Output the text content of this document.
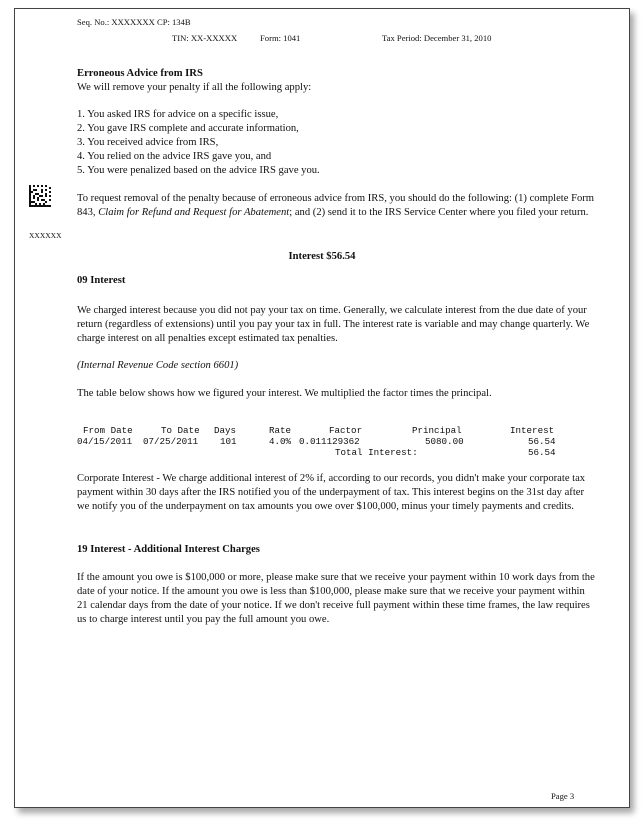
Seq. No.: XXXXXXX CP: 134B
TIN: XX-XXXXX	Form: 1041	Tax Period: December 31, 2010
Erroneous Advice from IRS
We will remove your penalty if all the following apply:
1. You asked IRS for advice on a specific issue,
2. You gave IRS complete and accurate information,
3. You received advice from IRS,
4. You relied on the advice IRS gave you, and
5. You were penalized based on the advice IRS gave you.
XXXXXX
To request removal of the penalty because of erroneous advice from IRS, you should do the following: (1) complete Form 843, Claim for Refund and Request for Abatement; and (2) send it to the IRS Service Center where you filed your return.
Interest $56.54
09 Interest
We charged interest because you did not pay your tax on time. Generally, we calculate interest from the due date of your return (regardless of extensions) until you pay your tax in full. The interest rate is variable and may change quarterly. We charge interest on all penalties except estimated tax penalties.
(Internal Revenue Code section 6601)
The table below shows how we figured your interest. We multiplied the factor times the principal.
From Date	To Date Days	Rate	Factor	Principal	Interest
04/15/2011 07/25/2011 101	4.0% 0.011129362	5080.00	56.54
Total Interest:	56.54
Corporate Interest - We charge additional interest of 2% if, according to our records, you didn't make your corporate tax payment within 30 days after the IRS notified you of the underpayment of tax. This interest begins on the 31st day after we notify you of the underpayment on tax amounts you owe over $100,000, minus your timely payments and credits.
19 Interest - Additional Interest Charges
If the amount you owe is $100,000 or more, please make sure that we receive your payment within 10 work days from the date of your notice. If the amount you owe is less than $100,000, please make sure that we receive your payment within 21 calendar days from the date of your notice. If we don't receive full payment within these time frames, the law requires us to charge interest until you pay the full amount you owe.
Page 3
